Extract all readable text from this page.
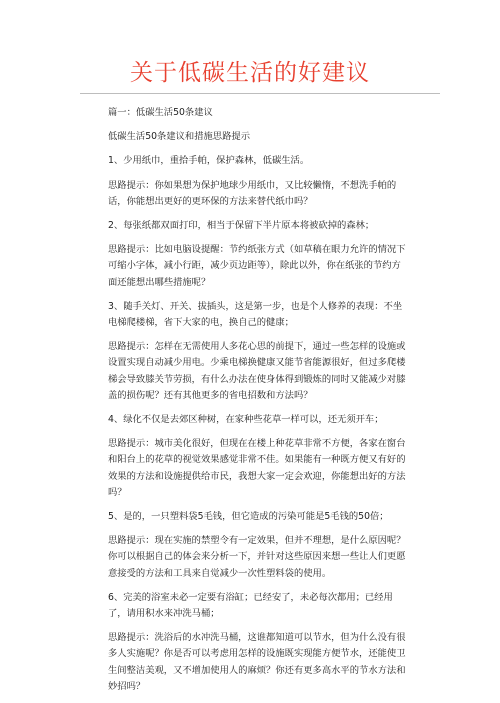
关于低碳生活的好建议

篇一：低碳生活50条建议

低碳生活50条建议和措施思路提示

1、少用纸巾，重拾手帕，保护森林，低碳生活。

思路提示：你如果想为保护地球少用纸巾，又比较懒惰，不想洗手帕的话，你能想出更好的更环保的方法来替代纸巾吗？

2、每张纸都双面打印，相当于保留下半片原本将被砍掉的森林；

思路提示：比如电脑设提醒：节约纸张方式（如草稿在眼力允许的情况下可缩小字体，减小行距，减少页边距等），除此以外，你在纸张的节约方面还能想出哪些措施呢？

3、随手关灯、开关、拔插头，这是第一步，也是个人修养的表现：不坐电梯爬楼梯，省下大家的电，换自己的健康；

思路提示：怎样在无需使用人多花心思的前提下，通过一些怎样的设施或设置实现自动减少用电。少乘电梯换健康又能节省能源很好，但过多爬楼梯会导致膝关节劳损，有什么办法在使身体得到锻炼的同时又能减少对膝盖的损伤呢？还有其他更多的省电招数和方法吗？

4、绿化不仅是去郊区种树，在家种些花草一样可以，还无须开车；

思路提示：城市美化很好，但现在在楼上种花草非常不方便，各家在窗台和阳台上的花草的视觉效果感觉非常不佳。如果能有一种既方便又有好的效果的方法和设施提供给市民，我想大家一定会欢迎，你能想出好的方法吗？

5、是的，一只塑料袋5毛钱，但它造成的污染可能是5毛钱的50倍；

思路提示：现在实施的禁塑令有一定效果，但并不理想，是什么原因呢？你可以根据自己的体会来分析一下，并针对这些原因来想一些让人们更愿意接受的方法和工具来自觉减少一次性塑料袋的使用。

6、完美的浴室未必一定要有浴缸；已经安了，未必每次都用；已经用了，请用积水来冲洗马桶；

思路提示：洗浴后的水冲洗马桶，这谁都知道可以节水，但为什么没有很多人实施呢？你是否可以考虑用怎样的设施既实现能方便节水，还能使卫生间整洁美观，又不增加使用人的麻烦？你还有更多高水平的节水方法和妙招吗？
